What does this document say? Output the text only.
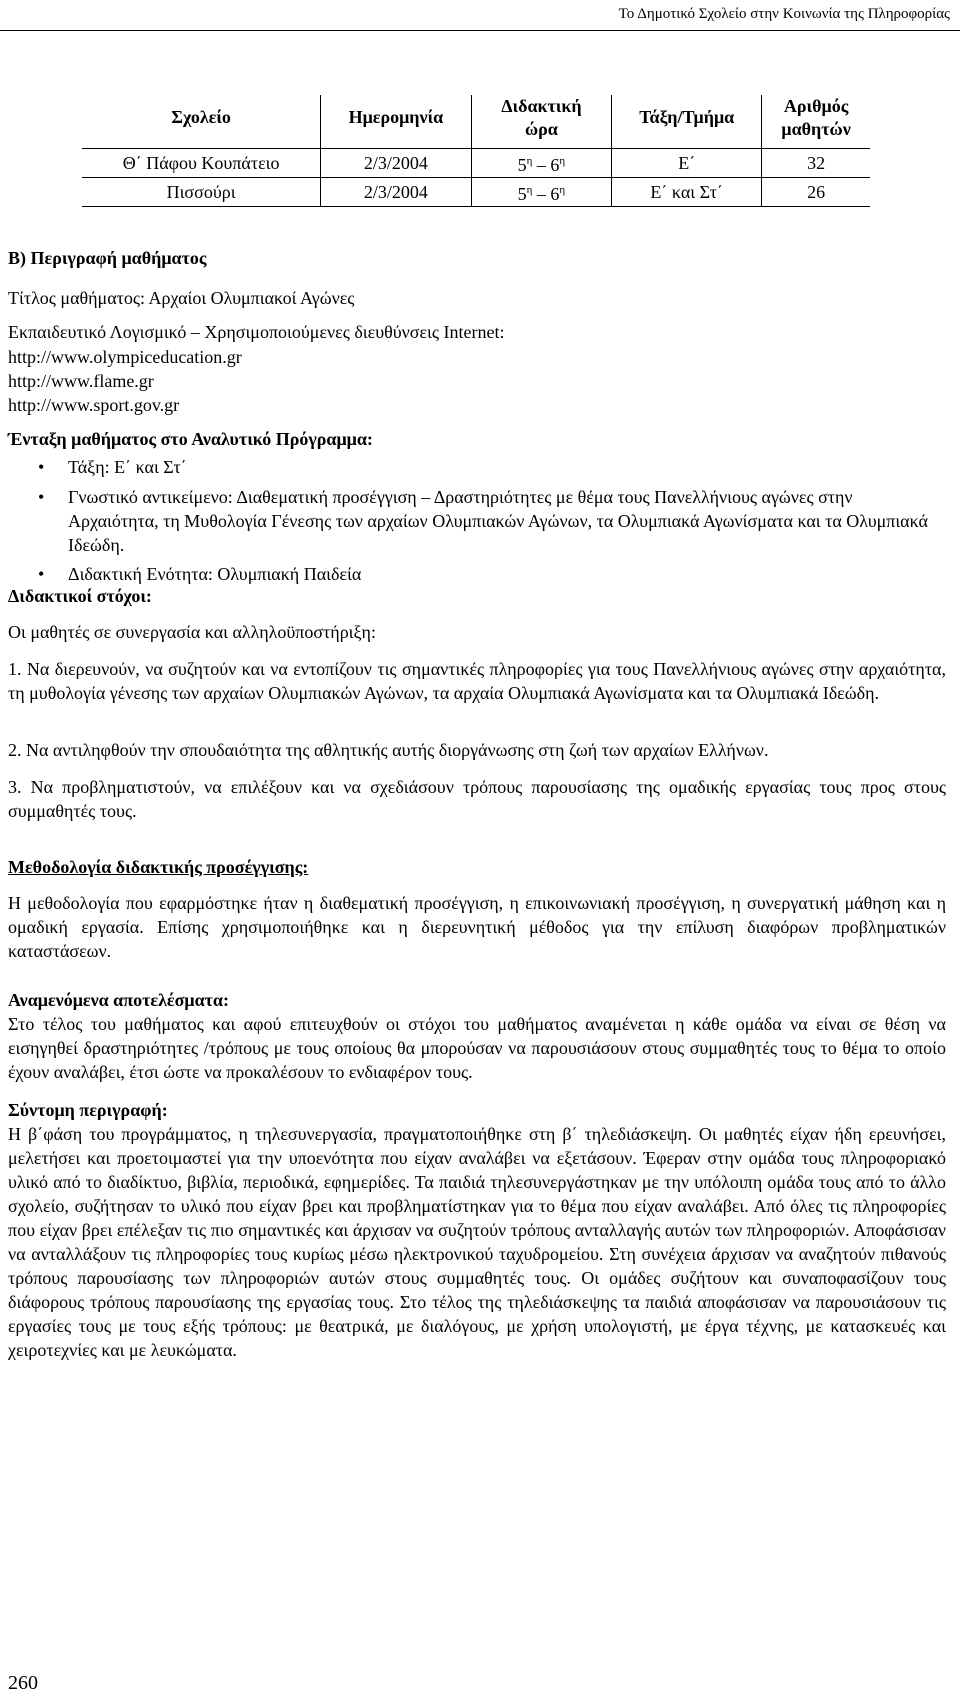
Το Δημοτικό Σχολείο στην Κοινωνία της Πληροφορίας
Σχολείο	Ημερομηνία	Διδακτική ώρα	Τάξη/Τμήμα	Αριθμός μαθητών
Θ΄ Πάφου Κουπάτειο	2/3/2004	$5^\eta - 6^\eta$	Ε΄	32
Πισσούρι	2/3/2004	$5^\eta - 6^\eta$	Ε΄ και Στ΄	26
Β) Περιγραφή μαθήματος
Τίτλος μαθήματος: Αρχαίοι Ολυμπιακοί Αγώνες
Εκπαιδευτικό Λογισμικό – Χρησιμοποιούμενες διευθύνσεις Internet:
http://www.olympiceducation.gr
http://www.flame.gr
http://www.sport.gov.gr
Ένταξη μαθήματος στο Αναλυτικό Πρόγραμμα:
• Τάξη: Ε΄ και Στ΄
• Γνωστικό αντικείμενο: Διαθεματική προσέγγιση – Δραστηριότητες με θέμα τους Πανελλήνιους αγώνες στην Αρχαιότητα, τη Μυθολογία Γένεσης των αρχαίων Ολυμπιακών Αγώνων, τα Ολυμπιακά Αγωνίσματα και τα Ολυμπιακά Ιδεώδη.
• Διδακτική Ενότητα: Ολυμπιακή Παιδεία
Διδακτικοί στόχοι:
Οι μαθητές σε συνεργασία και αλληλοϋποστήριξη:
1. Να διερευνούν, να συζητούν και να εντοπίζουν τις σημαντικές πληροφορίες για τους Πανελλήνιους αγώνες στην αρχαιότητα, τη μυθολογία γένεσης των αρχαίων Ολυμπιακών Αγώνων, τα αρχαία Ολυμπιακά Αγωνίσματα και τα Ολυμπιακά Ιδεώδη.
2. Να αντιληφθούν την σπουδαιότητα της αθλητικής αυτής διοργάνωσης στη ζωή των αρχαίων Ελλήνων.
3. Να προβληματιστούν, να επιλέξουν και να σχεδιάσουν τρόπους παρουσίασης της ομαδικής εργασίας τους προς στους συμμαθητές τους.
Μεθοδολογία διδακτικής προσέγγισης:
Η μεθοδολογία που εφαρμόστηκε ήταν η διαθεματική προσέγγιση, η επικοινωνιακή προσέγγιση, η συνεργατική μάθηση και η ομαδική εργασία. Επίσης χρησιμοποιήθηκε και η διερευνητική μέθοδος για την επίλυση διαφόρων προβληματικών καταστάσεων.
Αναμενόμενα αποτελέσματα:
Στο τέλος του μαθήματος και αφού επιτευχθούν οι στόχοι του μαθήματος αναμένεται η κάθε ομάδα να είναι σε θέση να εισηγηθεί δραστηριότητες /τρόπους με τους οποίους θα μπορούσαν να παρουσιάσουν στους συμμαθητές τους το θέμα το οποίο έχουν αναλάβει, έτσι ώστε να προκαλέσουν το ενδιαφέρον τους.
Σύντομη περιγραφή:
Η β΄φάση του προγράμματος, η τηλεσυνεργασία, πραγματοποιήθηκε στη β΄ τηλεδιάσκεψη. Οι μαθητές είχαν ήδη ερευνήσει, μελετήσει και προετοιμαστεί για την υποενότητα που είχαν αναλάβει να εξετάσουν. Έφεραν στην ομάδα τους πληροφοριακό υλικό από το διαδίκτυο, βιβλία, περιοδικά, εφημερίδες. Τα παιδιά τηλεσυνεργάστηκαν με την υπόλοιπη ομάδα τους από το άλλο σχολείο, συζήτησαν το υλικό που είχαν βρει και προβληματίστηκαν για το θέμα που είχαν αναλάβει. Από όλες τις πληροφορίες που είχαν βρει επέλεξαν τις πιο σημαντικές και άρχισαν να συζητούν τρόπους ανταλλαγής αυτών των πληροφοριών. Αποφάσισαν να ανταλλάξουν τις πληροφορίες τους κυρίως μέσω ηλεκτρονικού ταχυδρομείου. Στη συνέχεια άρχισαν να αναζητούν πιθανούς τρόπους παρουσίασης των πληροφοριών αυτών στους συμμαθητές τους. Οι ομάδες συζήτουν και συναποφασίζουν τους διάφορους τρόπους παρουσίασης της εργασίας τους. Στο τέλος της τηλεδιάσκεψης τα παιδιά αποφάσισαν να παρουσιάσουν τις εργασίες τους με τους εξής τρόπους: με θεατρικά, με διαλόγους, με χρήση υπολογιστή, με έργα τέχνης, με κατασκευές και χειροτεχνίες και με λευκώματα.
260
